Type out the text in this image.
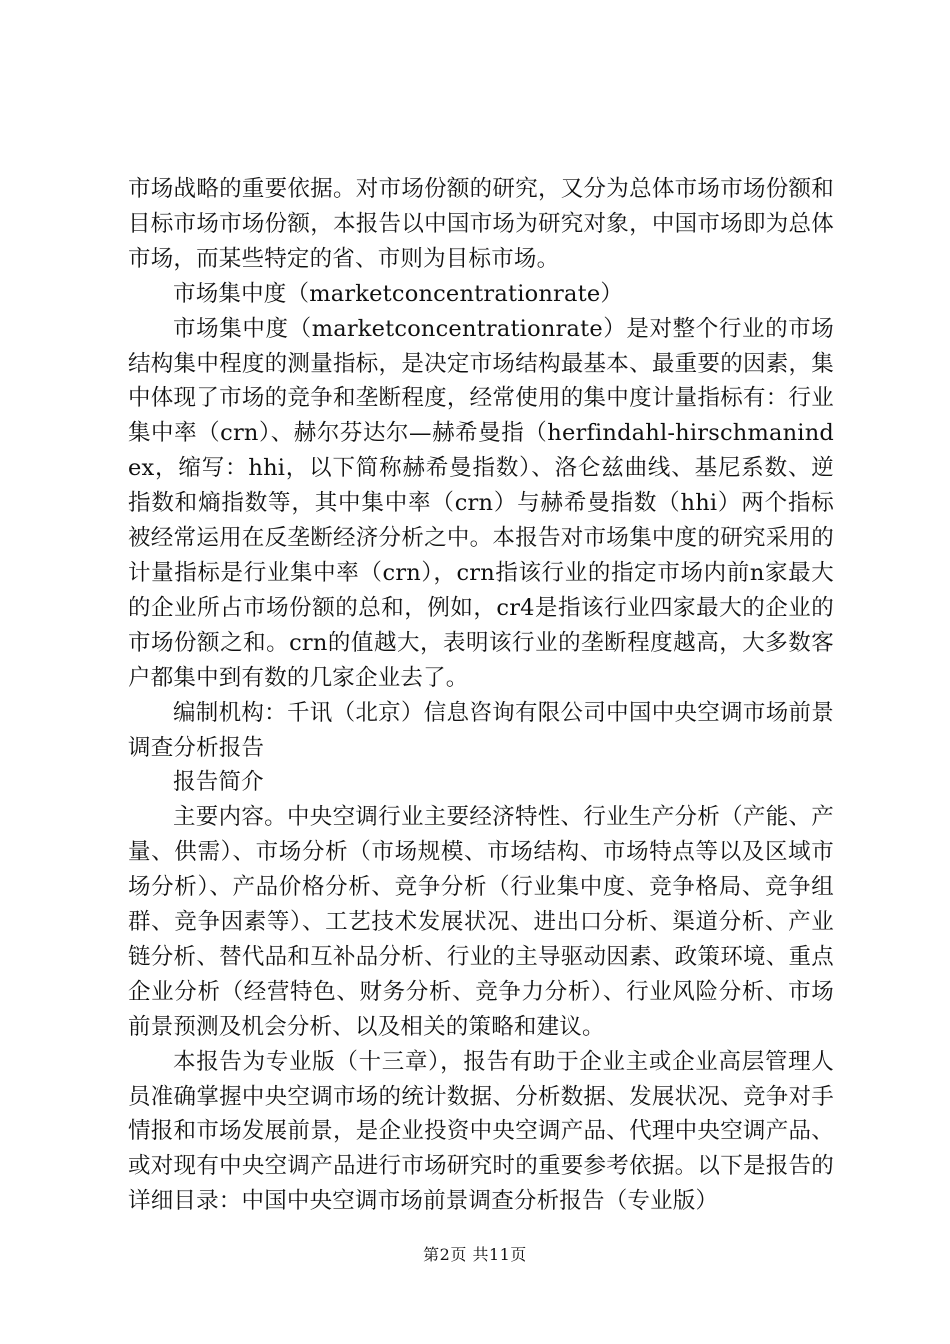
市场战略的重要依据。对市场份额的研究，又分为总体市场市场份额和目标市场市场份额，本报告以中国市场为研究对象，中国市场即为总体市场，而某些特定的省、市则为目标市场。

市场集中度（marketconcentrationrate）

市场集中度（marketconcentrationrate）是对整个行业的市场结构集中程度的测量指标，是决定市场结构最基本、最重要的因素，集中体现了市场的竞争和垄断程度，经常使用的集中度计量指标有：行业集中率（crn）、赫尔芬达尔—赫希曼指（herfindahl-hirschmanindex，缩写：hhi，以下简称赫希曼指数）、洛仑兹曲线、基尼系数、逆指数和熵指数等，其中集中率（crn）与赫希曼指数（hhi）两个指标被经常运用在反垄断经济分析之中。本报告对市场集中度的研究采用的计量指标是行业集中率（crn），crn指该行业的指定市场内前n家最大的企业所占市场份额的总和，例如，cr4是指该行业四家最大的企业的市场份额之和。crn的值越大，表明该行业的垄断程度越高，大多数客户都集中到有数的几家企业去了。

编制机构：千讯（北京）信息咨询有限公司中国中央空调市场前景调查分析报告

报告简介

主要内容。中央空调行业主要经济特性、行业生产分析（产能、产量、供需）、市场分析（市场规模、市场结构、市场特点等以及区域市场分析）、产品价格分析、竞争分析（行业集中度、竞争格局、竞争组群、竞争因素等）、工艺技术发展状况、进出口分析、渠道分析、产业链分析、替代品和互补品分析、行业的主导驱动因素、政策环境、重点企业分析（经营特色、财务分析、竞争力分析）、行业风险分析、市场前景预测及机会分析、以及相关的策略和建议。

本报告为专业版（十三章），报告有助于企业主或企业高层管理人员准确掌握中央空调市场的统计数据、分析数据、发展状况、竞争对手情报和市场发展前景，是企业投资中央空调产品、代理中央空调产品、或对现有中央空调产品进行市场研究时的重要参考依据。以下是报告的详细目录：中国中央空调市场前景调查分析报告（专业版）

第2页 共11页
